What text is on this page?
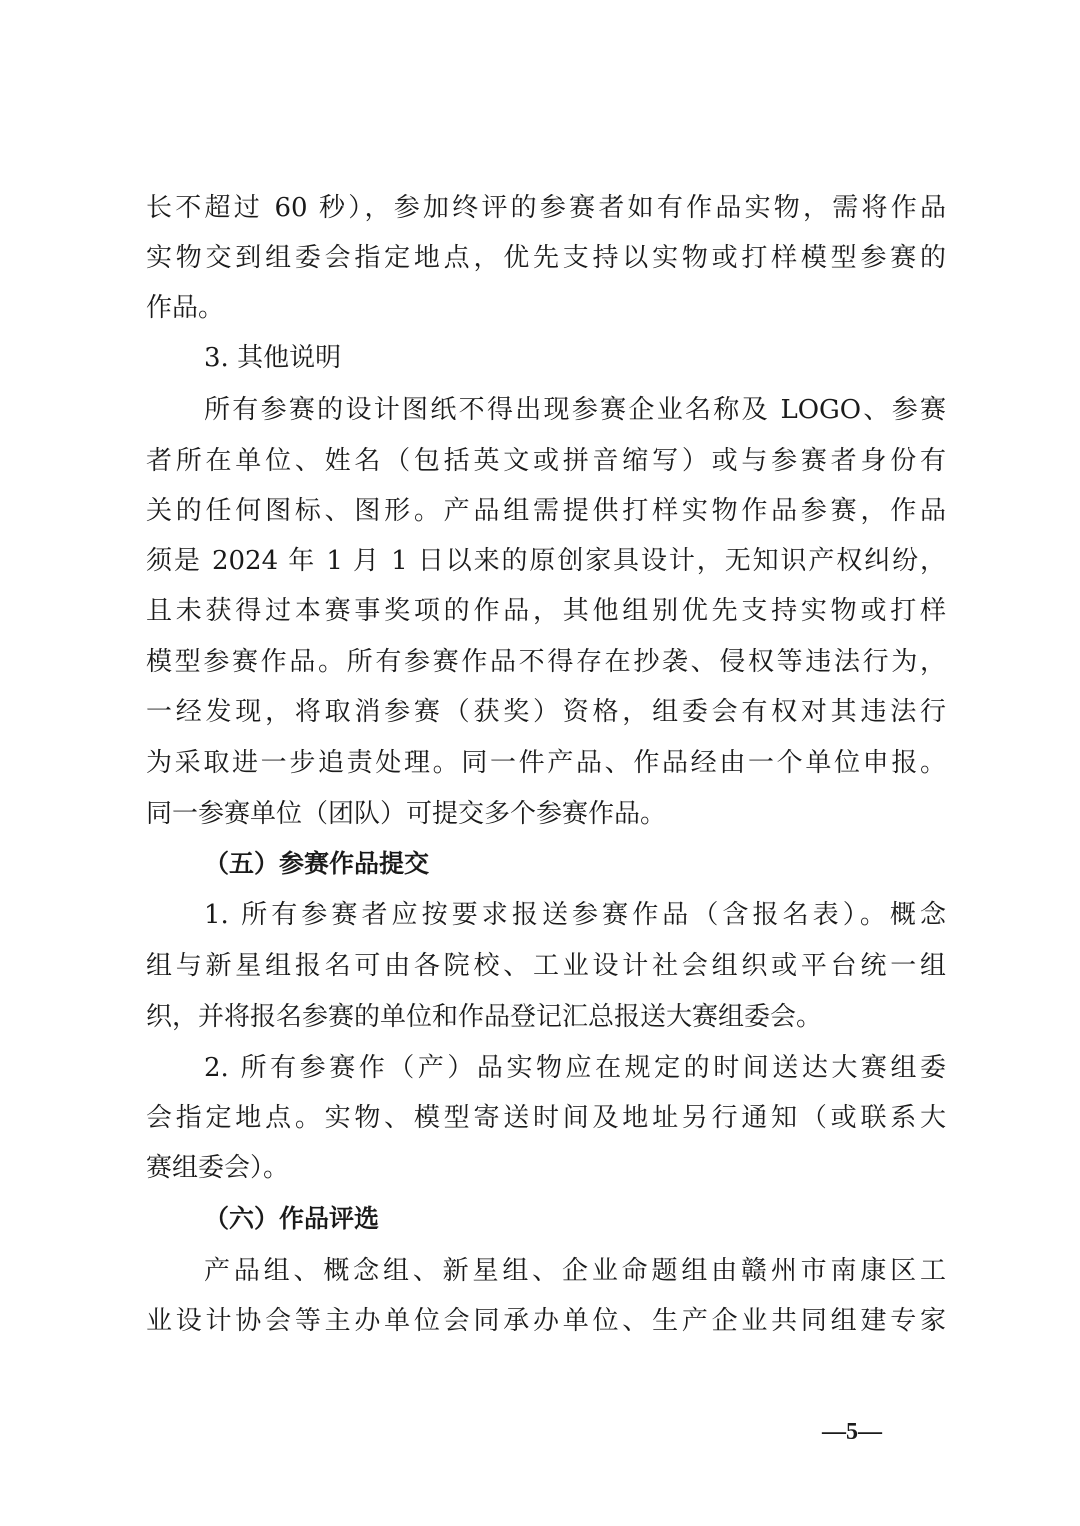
长不超过 60 秒），参加终评的参赛者如有作品实物，需将作品
实物交到组委会指定地点，优先支持以实物或打样模型参赛的
作品。
3. 其他说明
所有参赛的设计图纸不得出现参赛企业名称及 LOGO、参赛
者所在单位、姓名（包括英文或拼音缩写）或与参赛者身份有
关的任何图标、图形。产品组需提供打样实物作品参赛，作品
须是 2024 年 1 月 1 日以来的原创家具设计，无知识产权纠纷，
且未获得过本赛事奖项的作品，其他组别优先支持实物或打样
模型参赛作品。所有参赛作品不得存在抄袭、侵权等违法行为，
一经发现，将取消参赛（获奖）资格，组委会有权对其违法行
为采取进一步追责处理。同一件产品、作品经由一个单位申报。
同一参赛单位（团队）可提交多个参赛作品。
（五）参赛作品提交
1. 所有参赛者应按要求报送参赛作品（含报名表）。概念
组与新星组报名可由各院校、工业设计社会组织或平台统一组
织，并将报名参赛的单位和作品登记汇总报送大赛组委会。
2. 所有参赛作（产）品实物应在规定的时间送达大赛组委
会指定地点。实物、模型寄送时间及地址另行通知（或联系大
赛组委会）。
（六）作品评选
产品组、概念组、新星组、企业命题组由赣州市南康区工
业设计协会等主办单位会同承办单位、生产企业共同组建专家
—5—
